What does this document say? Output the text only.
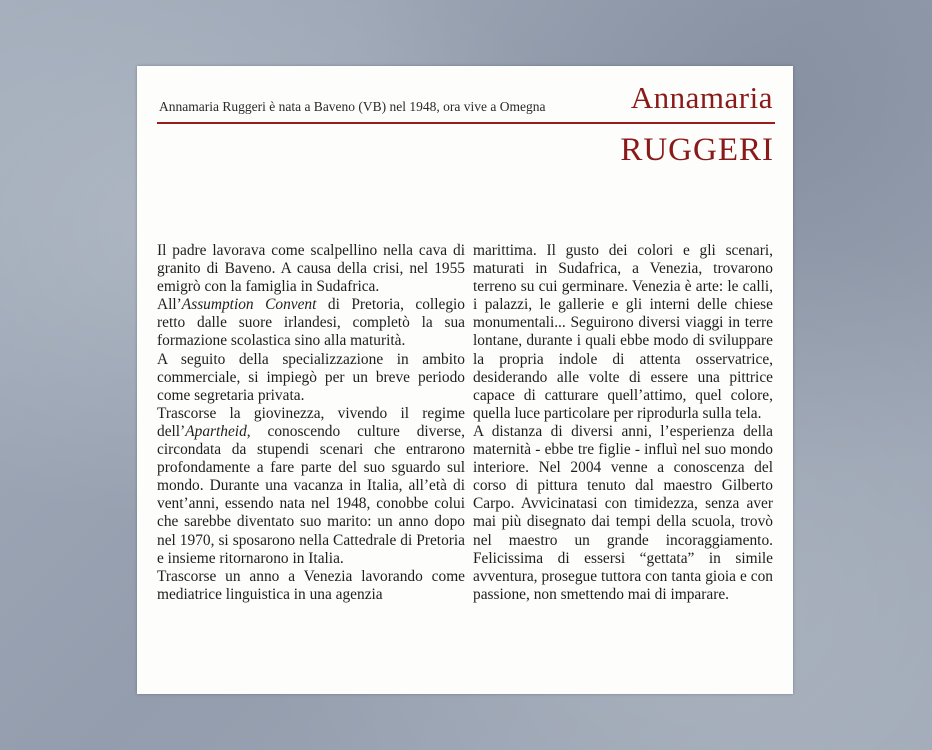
Annamaria Ruggeri è nata a Baveno (VB) nel 1948, ora vive a Omegna	Annamaria
RUGGERI

Il padre lavorava come scalpellino nella cava di granito di Baveno. A causa della crisi, nel 1955 emigrò con la famiglia in Sudafrica.

All’Assumption Convent di Pretoria, collegio retto dalle suore irlandesi, completò la sua formazione scolastica sino alla maturità.

A seguito della specializzazione in ambito commerciale, si impiegò per un breve periodo come segretaria privata.

Trascorse la giovinezza, vivendo il regime dell’Apartheid, conoscendo culture diverse, circondata da stupendi scenari che entrarono profondamente a fare parte del suo sguardo sul mondo. Durante una vacanza in Italia, all’età di vent’anni, essendo nata nel 1948, conobbe colui che sarebbe diventato suo marito: un anno dopo nel 1970, si sposarono nella Cattedrale di Pretoria e insieme ritornarono in Italia.

Trascorse un anno a Venezia lavorando come mediatrice linguistica in una agenzia

marittima. Il gusto dei colori e gli scenari, maturati in Sudafrica, a Venezia, trovarono terreno su cui germinare. Venezia è arte: le calli, i palazzi, le gallerie e gli interni delle chiese monumentali... Seguirono diversi viaggi in terre lontane, durante i quali ebbe modo di sviluppare la propria indole di attenta osservatrice, desiderando alle volte di essere una pittrice capace di catturare quell’attimo, quel colore, quella luce particolare per riprodurla sulla tela.

A distanza di diversi anni, l’esperienza della maternità - ebbe tre figlie - influì nel suo mondo interiore. Nel 2004 venne a conoscenza del corso di pittura tenuto dal maestro Gilberto Carpo. Avvicinatasi con timidezza, senza aver mai più disegnato dai tempi della scuola, trovò nel maestro un grande incoraggiamento. Felicissima di essersi “gettata” in simile avventura, prosegue tuttora con tanta gioia e con passione, non smettendo mai di imparare.
